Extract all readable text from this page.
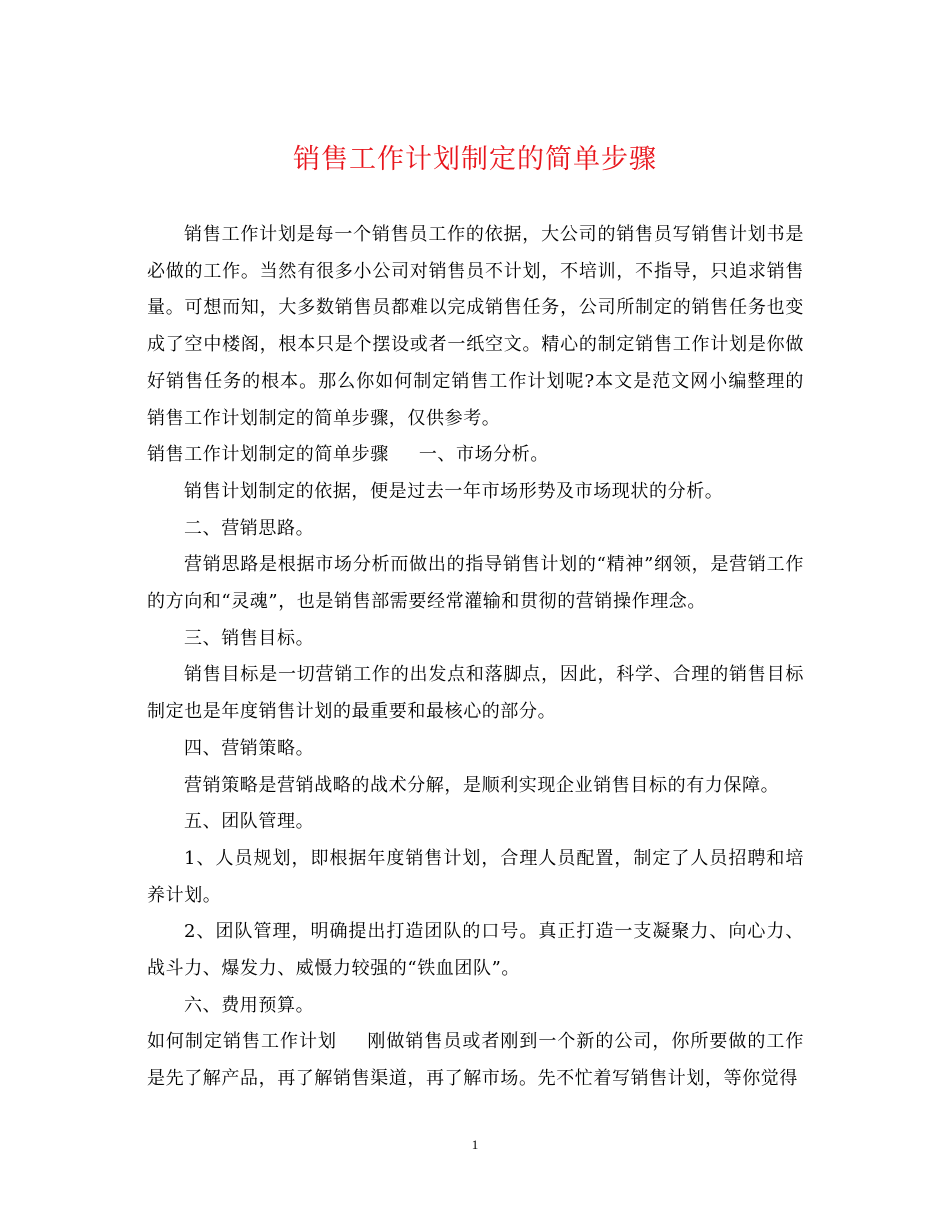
销售工作计划制定的简单步骤

销售工作计划是每一个销售员工作的依据，大公司的销售员写销售计划书是必做的工作。当然有很多小公司对销售员不计划，不培训，不指导，只追求销售量。可想而知，大多数销售员都难以完成销售任务，公司所制定的销售任务也变成了空中楼阁，根本只是个摆设或者一纸空文。精心的制定销售工作计划是你做好销售任务的根本。那么你如何制定销售工作计划呢?本文是范文网小编整理的销售工作计划制定的简单步骤，仅供参考。

销售工作计划制定的简单步骤 一、市场分析。

销售计划制定的依据，便是过去一年市场形势及市场现状的分析。

二、营销思路。

营销思路是根据市场分析而做出的指导销售计划的“精神”纲领，是营销工作的方向和“灵魂”，也是销售部需要经常灌输和贯彻的营销操作理念。

三、销售目标。

销售目标是一切营销工作的出发点和落脚点，因此，科学、合理的销售目标制定也是年度销售计划的最重要和最核心的部分。

四、营销策略。

营销策略是营销战略的战术分解，是顺利实现企业销售目标的有力保障。

五、团队管理。

1、人员规划，即根据年度销售计划，合理人员配置，制定了人员招聘和培养计划。

2、团队管理，明确提出打造团队的口号。真正打造一支凝聚力、向心力、战斗力、爆发力、威慑力较强的“铁血团队”。

六、费用预算。

如何制定销售工作计划 刚做销售员或者刚到一个新的公司，你所要做的工作是先了解产品，再了解销售渠道，再了解市场。先不忙着写销售计划，等你觉得

1
